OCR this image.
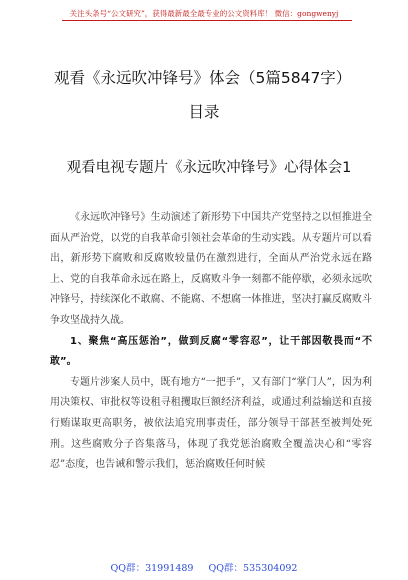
关注头条号“公文研究”，获得最新最全最专业的公文资料库！ 微信：gongwenyj
观看《永远吹冲锋号》体会（5篇5847字）
目录
观看电视专题片《永远吹冲锋号》心得体会1

《永远吹冲锋号》生动演述了新形势下中国共产党坚持之以恒推进全面从严治党，以党的自我革命引领社会革命的生动实践。从专题片可以看出，新形势下腐败和反腐败较量仍在激烈进行，全面从严治党永远在路上、党的自我革命永远在路上，反腐败斗争一刻都不能停歇，必须永远吹冲锋号，持续深化不敢腐、不能腐、不想腐一体推进，坚决打赢反腐败斗争攻坚战持久战。

1、聚焦“高压惩治”，做到反腐“零容忍”，让干部因敬畏而“不敢”。

专题片涉案人员中，既有地方“一把手”，又有部门“掌门人”，因为利用决策权、审批权等设租寻租攫取巨额经济利益，或通过利益输送和直接行贿谋取更高职务，被依法追究刑事责任，部分领导干部甚至被判处死刑。这些腐败分子咨集落马，体现了我党惩治腐败全覆盖决心和“零容忍”态度，也告诫和警示我们，惩治腐败任何时候

QQ群：31991489 QQ群：535304092
